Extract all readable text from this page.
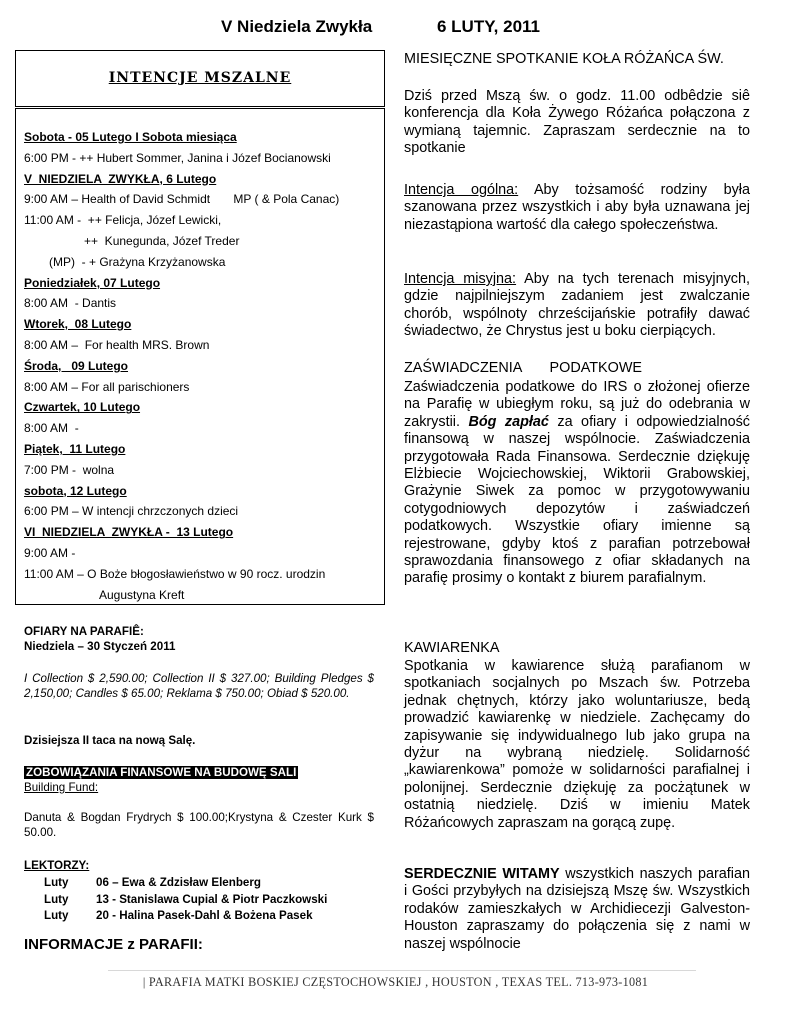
V Niedziela Zwykła	6 LUTY, 2011
INTENCJE MSZALNE
Sobota - 05 Lutego I Sobota miesiąca
6:00 PM - ++ Hubert Sommer, Janina i Józef Bocianowski
V  NIEDZIELA  ZWYKŁA, 6 Lutego
9:00 AM – Health of David Schmidt       MP ( & Pola Canac)
11:00 AM -  ++ Felicja, Józef Lewicki,
++  Kunegunda, Józef Treder
(MP)  - + Grażyna Krzyżanowska
Poniedziałek, 07 Lutego
8:00 AM  - Dantis
Wtorek,  08 Lutego
8:00 AM –  For health MRS. Brown
Środa,   09 Lutego
8:00 AM – For all parischioners
Czwartek, 10 Lutego
8:00 AM  -
Piątek,  11 Lutego
7:00 PM -  wolna
sobota, 12 Lutego
6:00 PM – W intencji chrzczonych dzieci
VI  NIEDZIELA  ZWYKŁA -  13 Lutego
9:00 AM -
11:00 AM – O Boże błogosławieństwo w 90 rocz. urodzin
Augustyna Kreft
OFIARY NA PARAFIÊ:
Niedziela – 30 Styczeń 2011
I Collection $ 2,590.00; Collection II $ 327.00; Building Pledges $ 2,150,00; Candles $ 65.00; Reklama $ 750.00; Obiad $ 520.00.
Dzisiejsza II taca na nową Salę.
ZOBOWIĄZANIA FINANSOWE NA BUDOWĘ SALI
Building Fund:
Danuta & Bogdan Frydrych $ 100.00;Krystyna & Czester Kurk $ 50.00.
LEKTORZY:
Luty 06 – Ewa & Zdzisław Elenberg
Luty 13 - Stanislawa Cupial & Piotr Paczkowski
Luty 20 - Halina Pasek-Dahl & Bożena Pasek
INFORMACJE z PARAFII:
MIESIĘCZNE SPOTKANIE KOŁA RÓŻAŃCA ŚW.
Dziś przed Mszą św. o godz. 11.00 odbêdzie siê konferencja dla Koła Żywego Różańca połączona z wymianą tajemnic. Zapraszam serdecznie na to spotkanie
Intencja ogólna: Aby tożsamość rodziny była szanowana przez wszystkich i aby była uznawana jej niezastąpiona wartość dla całego społeczeństwa.
Intencja misyjna: Aby na tych terenach misyjnych, gdzie najpilniejszym zadaniem jest zwalczanie chorób, wspólnoty chrześcijańskie potrafiły dawać świadectwo, że Chrystus jest u boku cierpiących.
ZAŚWIADCZENIA       PODATKOWE
Zaświadczenia podatkowe do IRS o złożonej ofierze na Parafię w ubiegłym roku, są już do odebrania w zakrystii. Bóg zapłać za ofiary i odpowiedzialność finansową w naszej wspólnocie. Zaświadczenia przygotowała Rada Finansowa. Serdecznie dziękuję Elżbiecie Wojciechowskiej, Wiktorii Grabowskiej, Grażynie Siwek za pomoc w przygotowywaniu cotygodniowych depozytów i zaświadczeń podatkowych. Wszystkie ofiary imienne są rejestrowane, gdyby ktoś z parafian potrzebował sprawozdania finansowego z ofiar składanych na parafię prosimy o kontakt z biurem parafialnym.
KAWIARENKA
Spotkania w kawiarence służą parafianom w spotkaniach socjalnych po Mszach św. Potrzeba jednak chętnych, którzy jako woluntariusze, bedą prowadzić kawiarenkę w niedziele. Zachęcamy do zapisywanie się indywidualnego lub jako grupa na dyżur na wybraną niedzielę. Solidarność „kawiarenkowa” pomoże w solidarności parafialnej i polonijnej. Serdecznie dziękuję za pocżątunek w ostatnią niedzielę. Dziś w imieniu Matek Różańcowych zapraszam na gorącą zupę.
SERDECZNIE WITAMY wszystkich naszych parafian i Gości przybyłych na dzisiejszą Mszę św. Wszystkich rodaków zamieszkałych w Archidiecezji Galveston-Houston zapraszamy do połączenia się z nami w naszej wspólnocie
| PARAFIA MATKI BOSKIEJ CZĘSTOCHOWSKIEJ , HOUSTON , TEXAS TEL. 713-973-1081
